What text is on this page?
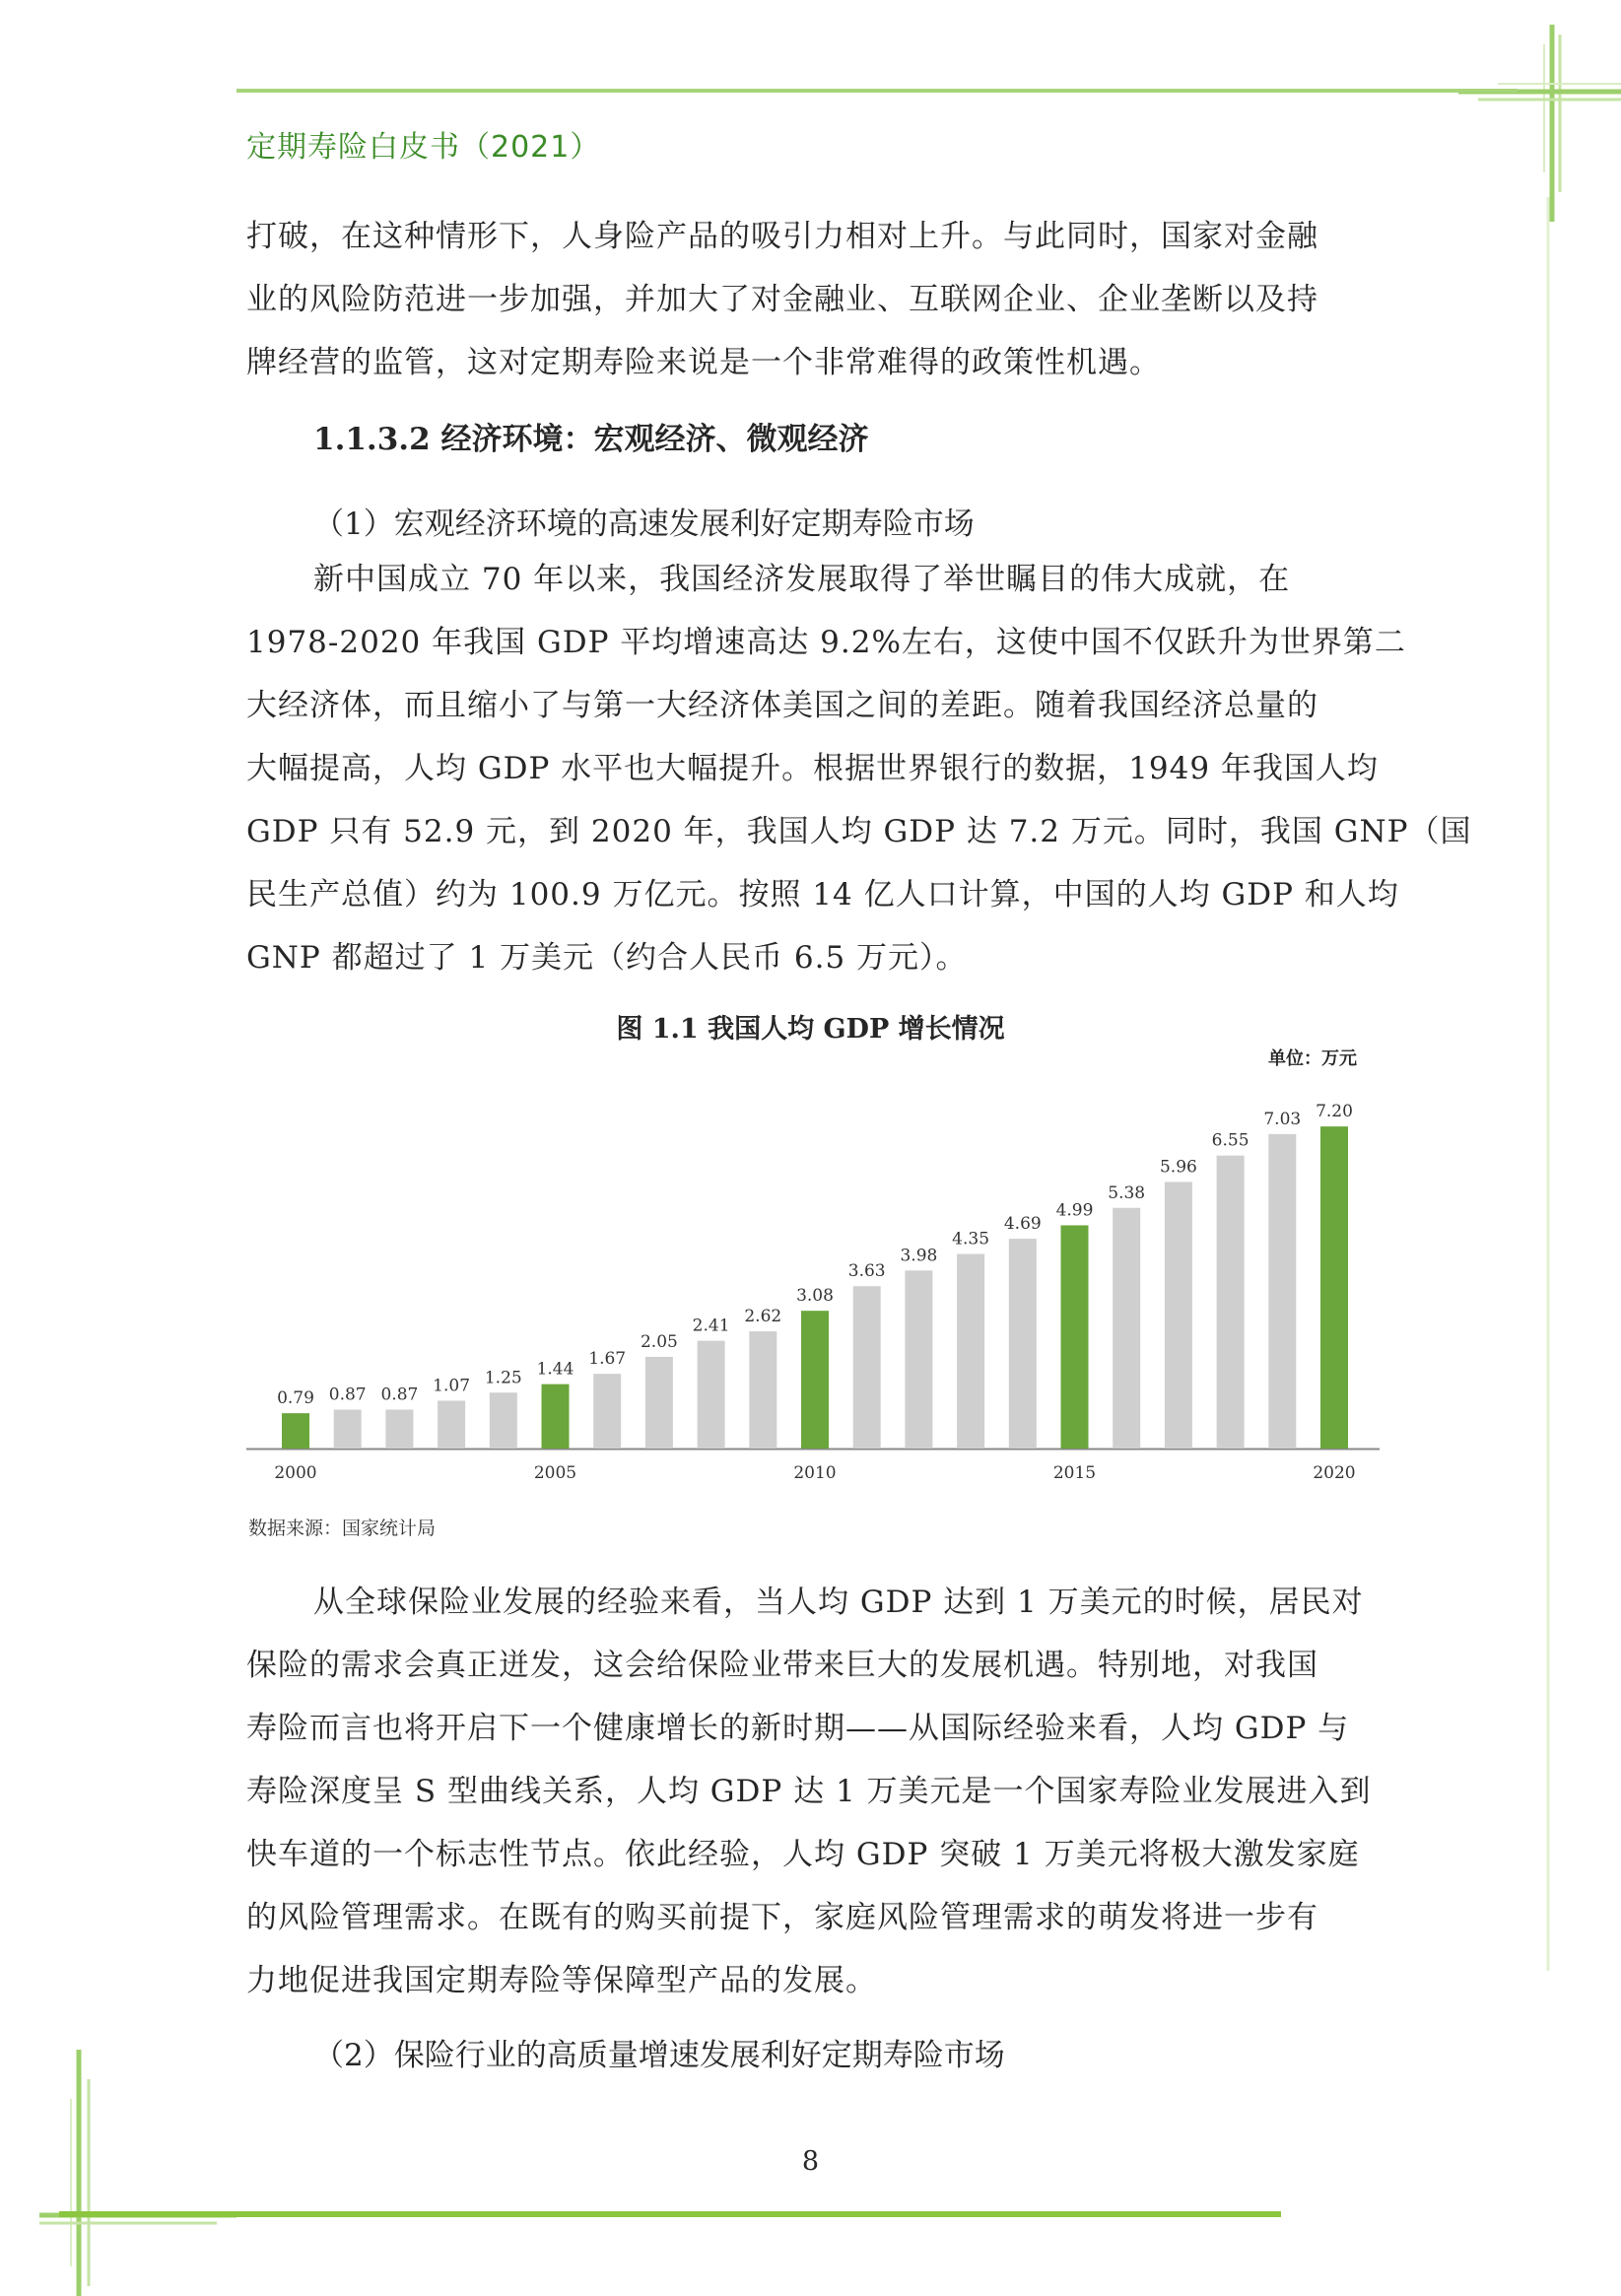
定期寿险白皮书（2021）
打破，在这种情形下，人身险产品的吸引力相对上升。与此同时，国家对金融
业的风险防范进一步加强，并加大了对金融业、互联网企业、企业垄断以及持
牌经营的监管，这对定期寿险来说是一个非常难得的政策性机遇。
1.1.3.2 经济环境：宏观经济、微观经济
（1）宏观经济环境的高速发展利好定期寿险市场
新中国成立 70 年以来，我国经济发展取得了举世瞩目的伟大成就，在
1978-2020 年我国 GDP 平均增速高达 9.2%左右，这使中国不仅跃升为世界第二
大经济体，而且缩小了与第一大经济体美国之间的差距。随着我国经济总量的
大幅提高，人均 GDP 水平也大幅提升。根据世界银行的数据，1949 年我国人均
GDP 只有 52.9 元，到 2020 年，我国人均 GDP 达 7.2 万元。同时，我国 GNP（国
民生产总值）约为 100.9 万亿元。按照 14 亿人口计算，中国的人均 GDP 和人均
GNP 都超过了 1 万美元（约合人民币 6.5 万元）。
图 1.1 我国人均 GDP 增长情况
单位：万元
0.79 0.87 0.87 1.07 1.25 1.44
1.67
2.05
2.41 2.62
3.08
3.63
3.98
4.35
4.69
4.99
5.38
5.96
6.55
7.03 7.20
2000	2005	2010	2015	2020
数据来源：国家统计局
从全球保险业发展的经验来看，当人均 GDP 达到 1 万美元的时候，居民对
保险的需求会真正迸发，这会给保险业带来巨大的发展机遇。特别地，对我国
寿险而言也将开启下一个健康增长的新时期——从国际经验来看，人均 GDP 与
寿险深度呈 S 型曲线关系，人均 GDP 达 1 万美元是一个国家寿险业发展进入到
快车道的一个标志性节点。依此经验，人均 GDP 突破 1 万美元将极大激发家庭
的风险管理需求。在既有的购买前提下，家庭风险管理需求的萌发将进一步有
力地促进我国定期寿险等保障型产品的发展。
（2）保险行业的高质量增速发展利好定期寿险市场
8
